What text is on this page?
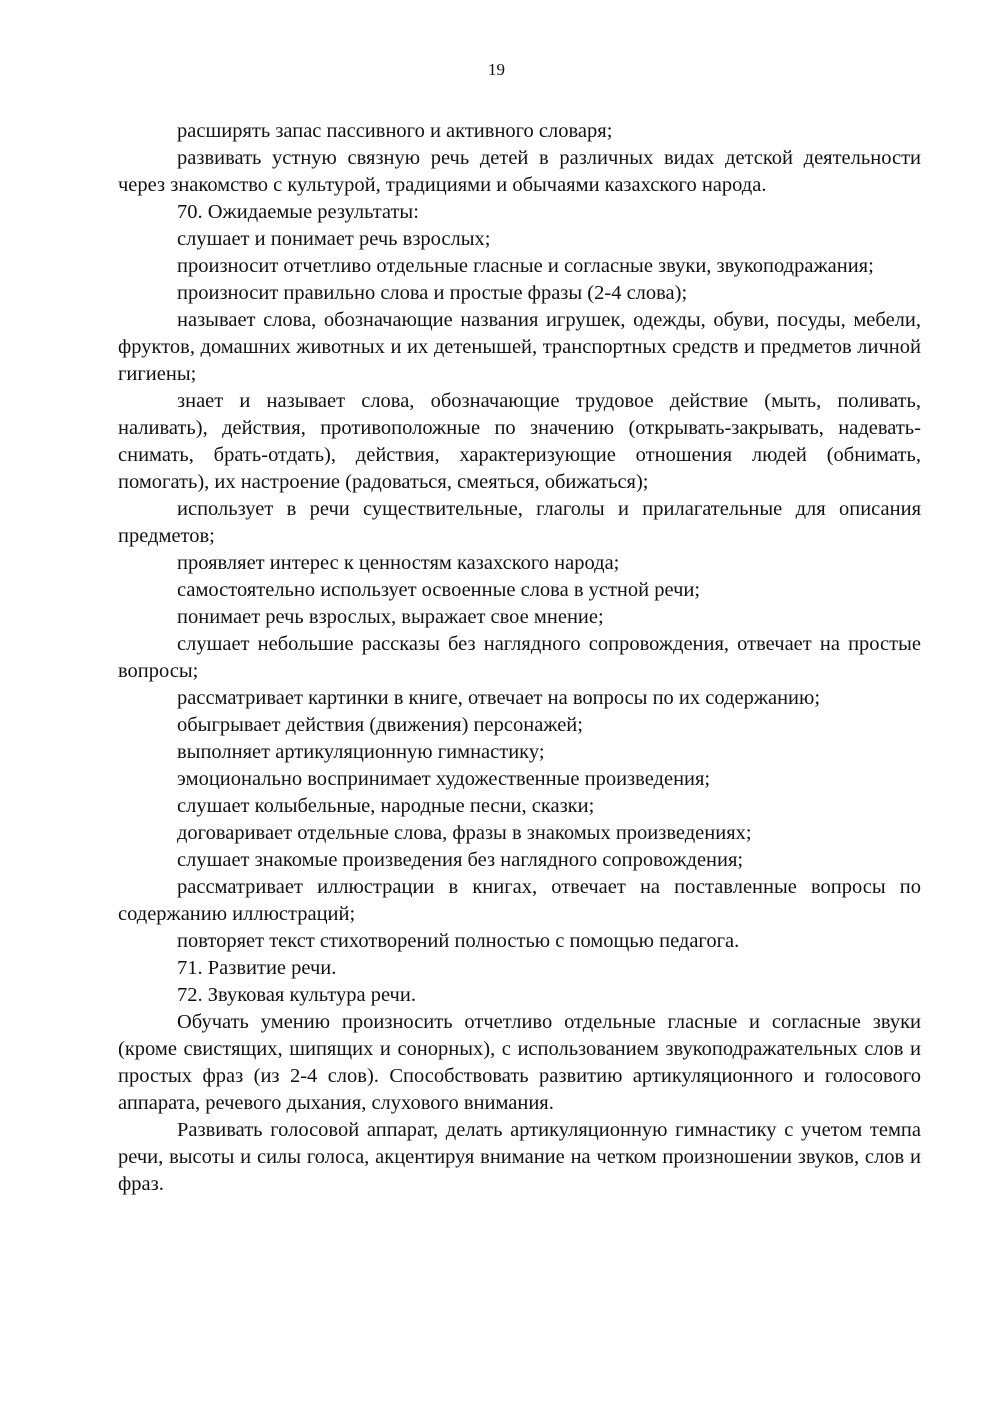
19

расширять запас пассивного и активного словаря;

развивать устную связную речь детей в различных видах детской деятельности через знакомство с культурой, традициями и обычаями казахского народа.

70. Ожидаемые результаты:

слушает и понимает речь взрослых;

произносит отчетливо отдельные гласные и согласные звуки, звукоподражания;

произносит правильно слова и простые фразы (2-4 слова);

называет слова, обозначающие названия игрушек, одежды, обуви, посуды, мебели, фруктов, домашних животных и их детенышей, транспортных средств и предметов личной гигиены;

знает и называет слова, обозначающие трудовое действие (мыть, поливать, наливать), действия, противоположные по значению (открывать-закрывать, надевать-снимать, брать-отдать), действия, характеризующие отношения людей (обнимать, помогать), их настроение (радоваться, смеяться, обижаться);

использует в речи существительные, глаголы и прилагательные для описания предметов;

проявляет интерес к ценностям казахского народа;

самостоятельно использует освоенные слова в устной речи;

понимает речь взрослых, выражает свое мнение;

слушает небольшие рассказы без наглядного сопровождения, отвечает на простые вопросы;

рассматривает картинки в книге, отвечает на вопросы по их содержанию;

обыгрывает действия (движения) персонажей;

выполняет артикуляционную гимнастику;

эмоционально воспринимает художественные произведения;

слушает колыбельные, народные песни, сказки;

договаривает отдельные слова, фразы в знакомых произведениях;

слушает знакомые произведения без наглядного сопровождения;

рассматривает иллюстрации в книгах, отвечает на поставленные вопросы по содержанию иллюстраций;

повторяет текст стихотворений полностью с помощью педагога.

71. Развитие речи.

72. Звуковая культура речи.

Обучать умению произносить отчетливо отдельные гласные и согласные звуки (кроме свистящих, шипящих и сонорных), с использованием звукоподражательных слов и простых фраз (из 2-4 слов). Способствовать развитию артикуляционного и голосового аппарата, речевого дыхания, слухового внимания.

Развивать голосовой аппарат, делать артикуляционную гимнастику с учетом темпа речи, высоты и силы голоса, акцентируя внимание на четком произношении звуков, слов и фраз.
